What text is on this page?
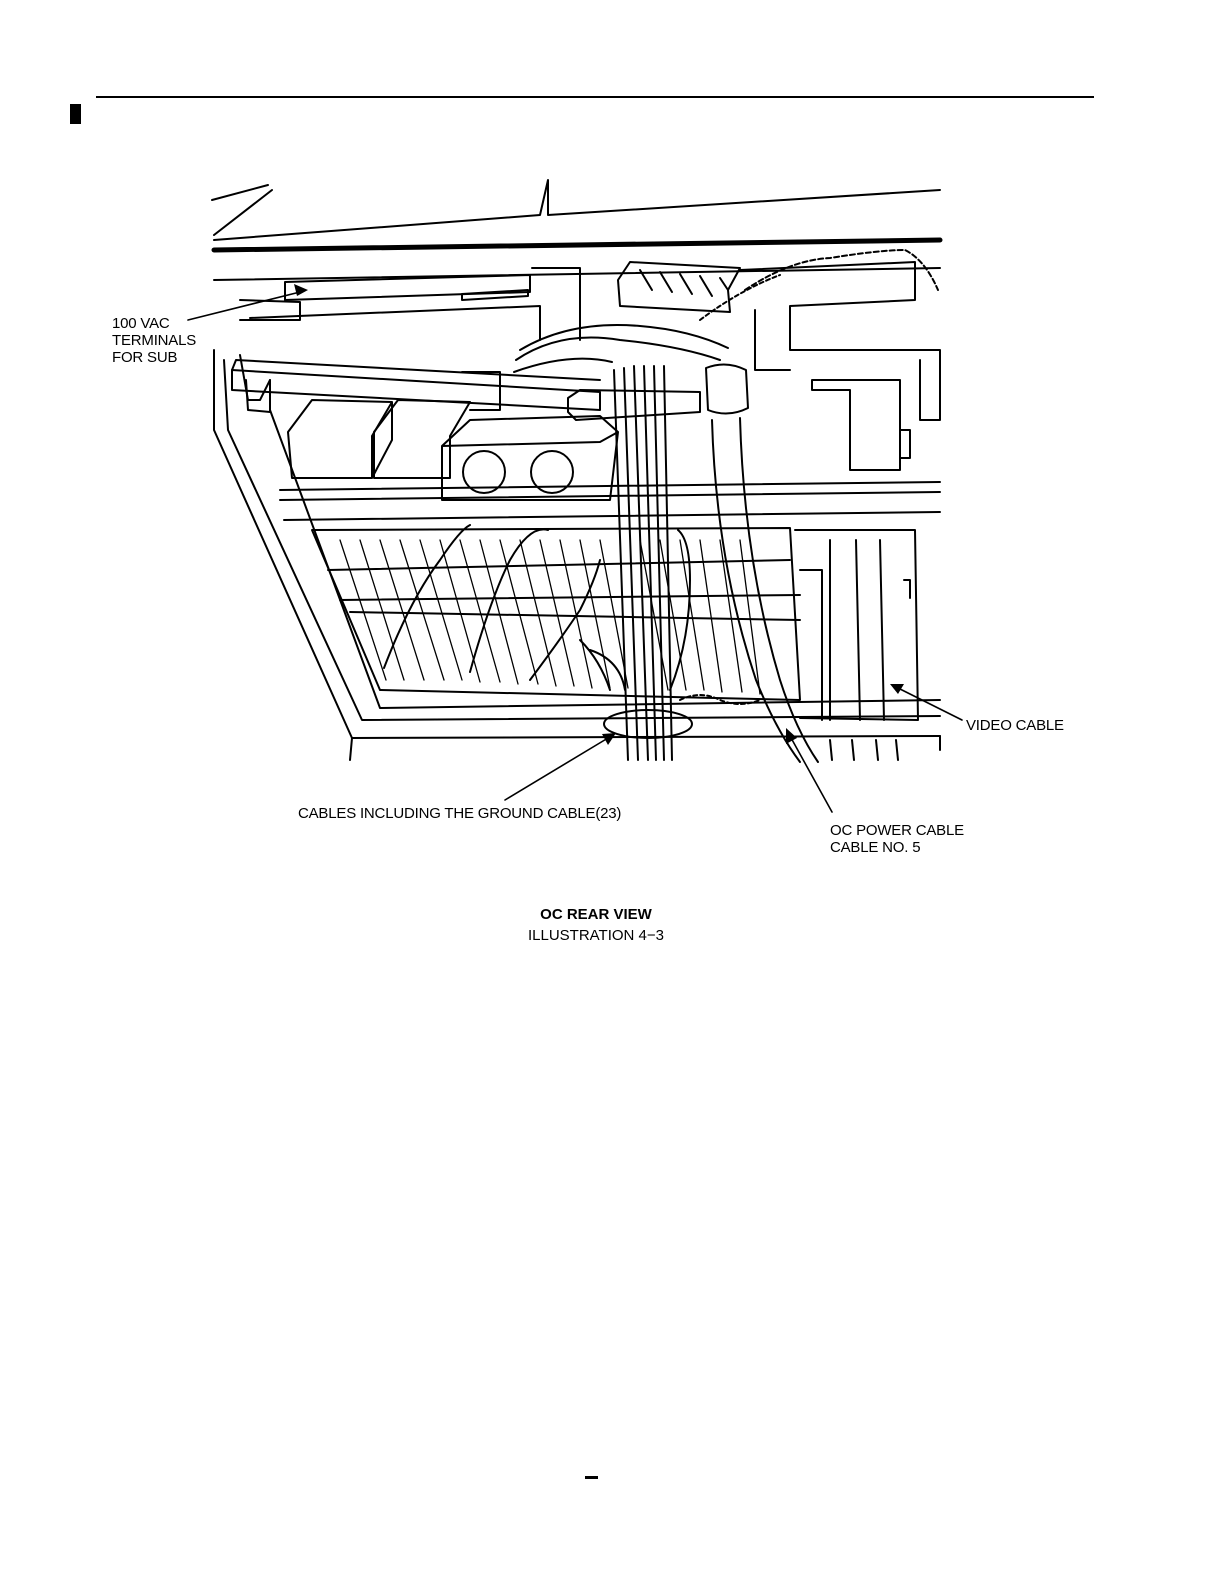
100 VAC
TERMINALS
FOR SUB
VIDEO CABLE
CABLES INCLUDING THE GROUND CABLE(23)
OC POWER CABLE
CABLE NO. 5
OC REAR VIEW
ILLUSTRATION 4−3
